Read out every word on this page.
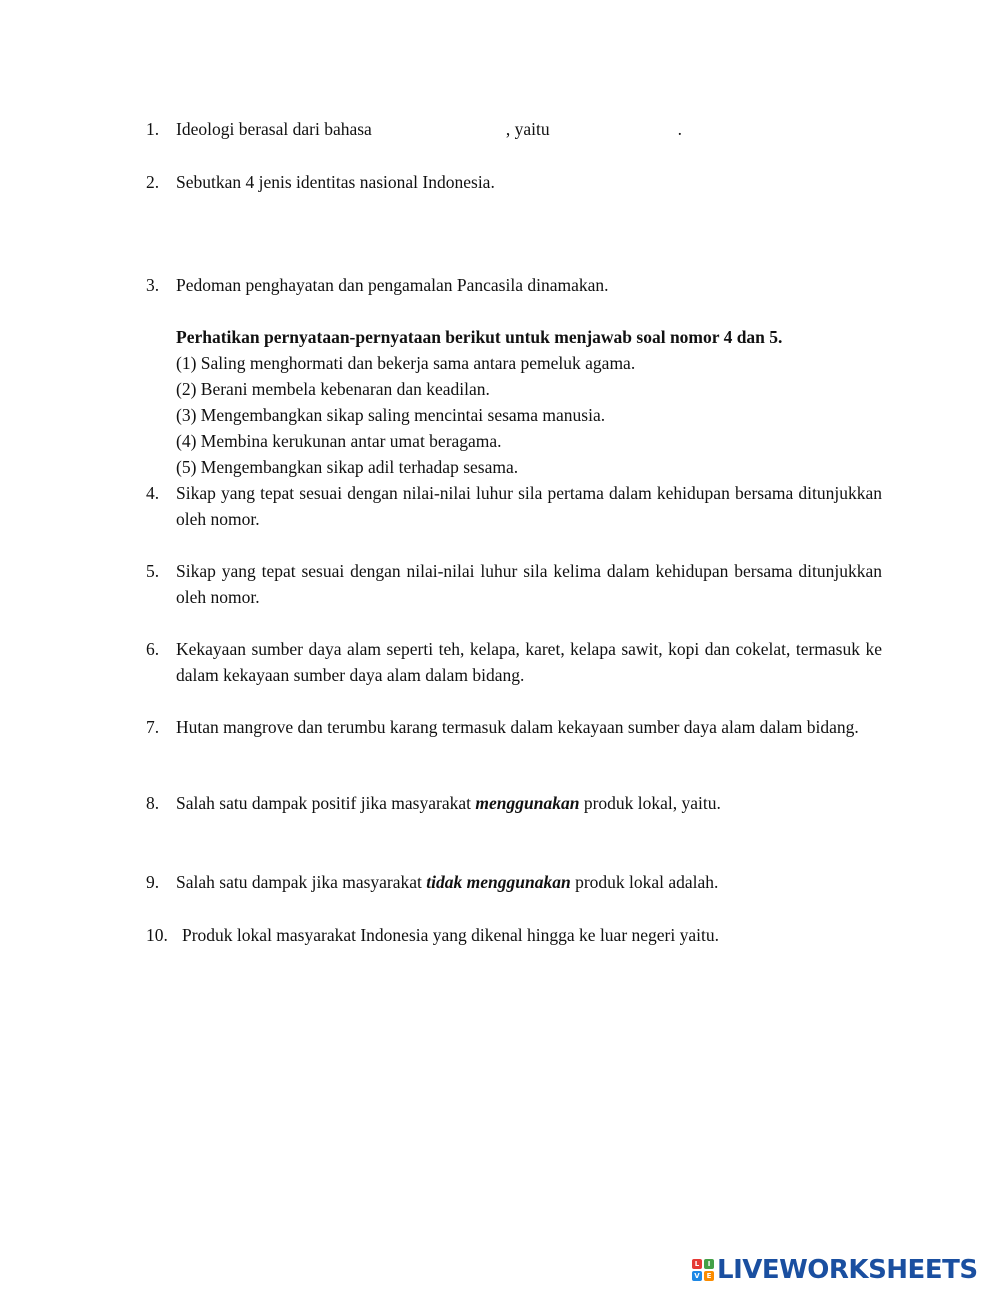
1. Ideologi berasal dari bahasa	, yaitu	.
2. Sebutkan 4 jenis identitas nasional Indonesia.
3. Pedoman penghayatan dan pengamalan Pancasila dinamakan.
Perhatikan pernyataan-pernyataan berikut untuk menjawab soal nomor 4 dan 5.
(1) Saling menghormati dan bekerja sama antara pemeluk agama.
(2) Berani membela kebenaran dan keadilan.
(3) Mengembangkan sikap saling mencintai sesama manusia.
(4) Membina kerukunan antar umat beragama.
(5) Mengembangkan sikap adil terhadap sesama.
4. Sikap yang tepat sesuai dengan nilai-nilai luhur sila pertama dalam kehidupan bersama ditunjukkan oleh nomor.
5. Sikap yang tepat sesuai dengan nilai-nilai luhur sila kelima dalam kehidupan bersama ditunjukkan oleh nomor.
6. Kekayaan sumber daya alam seperti teh, kelapa, karet, kelapa sawit, kopi dan cokelat, termasuk ke dalam kekayaan sumber daya alam dalam bidang.
7. Hutan mangrove dan terumbu karang termasuk dalam kekayaan sumber daya alam dalam bidang.
8. Salah satu dampak positif jika masyarakat menggunakan produk lokal, yaitu.
9. Salah satu dampak jika masyarakat tidak menggunakan produk lokal adalah.
10. Produk lokal masyarakat Indonesia yang dikenal hingga ke luar negeri yaitu.
L	I
V E LIVEWORKSHEETS
